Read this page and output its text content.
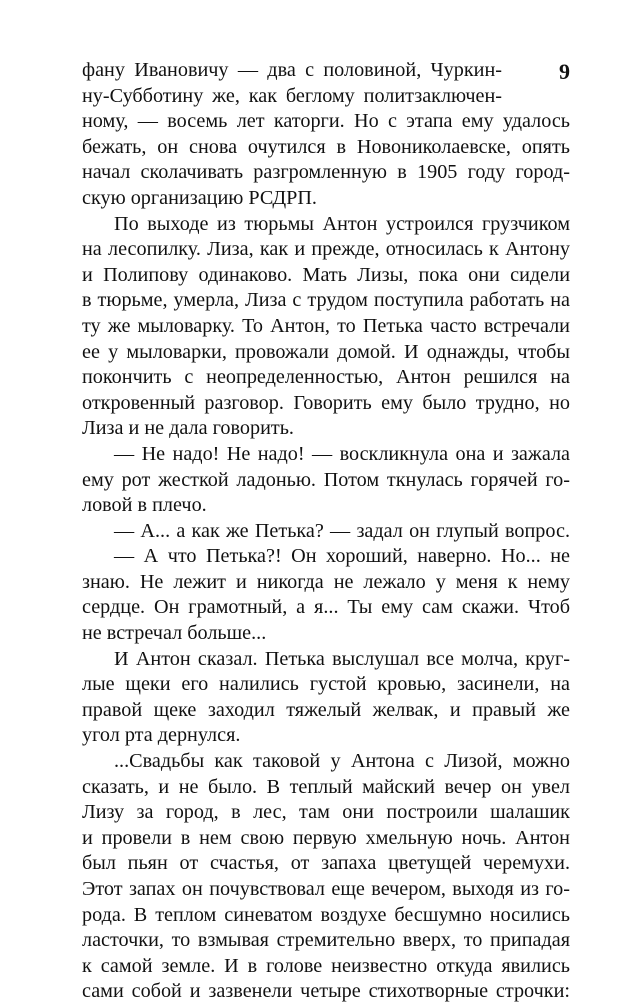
9
фану Ивановичу — два с половиной, Чуркин-
ну-Субботину же, как беглому политзаключен-
ному, — восемь лет каторги. Но с этапа ему удалось
бежать, он снова очутился в Новониколаевске, опять
начал сколачивать разгромленную в 1905 году город-
скую организацию РСДРП.
По выходе из тюрьмы Антон устроился грузчиком
на лесопилку. Лиза, как и прежде, относилась к Антону
и Полипову одинаково. Мать Лизы, пока они сидели
в тюрьме, умерла, Лиза с трудом поступила работать на
ту же мыловарку. То Антон, то Петька часто встречали
ее у мыловарки, провожали домой. И однажды, чтобы
покончить с неопределенностью, Антон решился на
откровенный разговор. Говорить ему было трудно, но
Лиза и не дала говорить.
— Не надо! Не надо! — воскликнула она и зажала
ему рот жесткой ладонью. Потом ткнулась горячей го-
ловой в плечо.
— А... а как же Петька? — задал он глупый вопрос.
— А что Петька?! Он хороший, наверно. Но... не
знаю. Не лежит и никогда не лежало у меня к нему
сердце. Он грамотный, а я... Ты ему сам скажи. Чтоб
не встречал больше...
И Антон сказал. Петька выслушал все молча, круг-
лые щеки его налились густой кровью, засинели, на
правой щеке заходил тяжелый желвак, и правый же
угол рта дернулся.
...Свадьбы как таковой у Антона с Лизой, можно
сказать, и не было. В теплый майский вечер он увел
Лизу за город, в лес, там они построили шалашик
и провели в нем свою первую хмельную ночь. Антон
был пьян от счастья, от запаха цветущей черемухи.
Этот запах он почувствовал еще вечером, выходя из го-
рода. В теплом синеватом воздухе бесшумно носились
ласточки, то взмывая стремительно вверх, то припадая
к самой земле. И в голове неизвестно откуда явились
сами собой и зазвенели четыре стихотворные строчки:
